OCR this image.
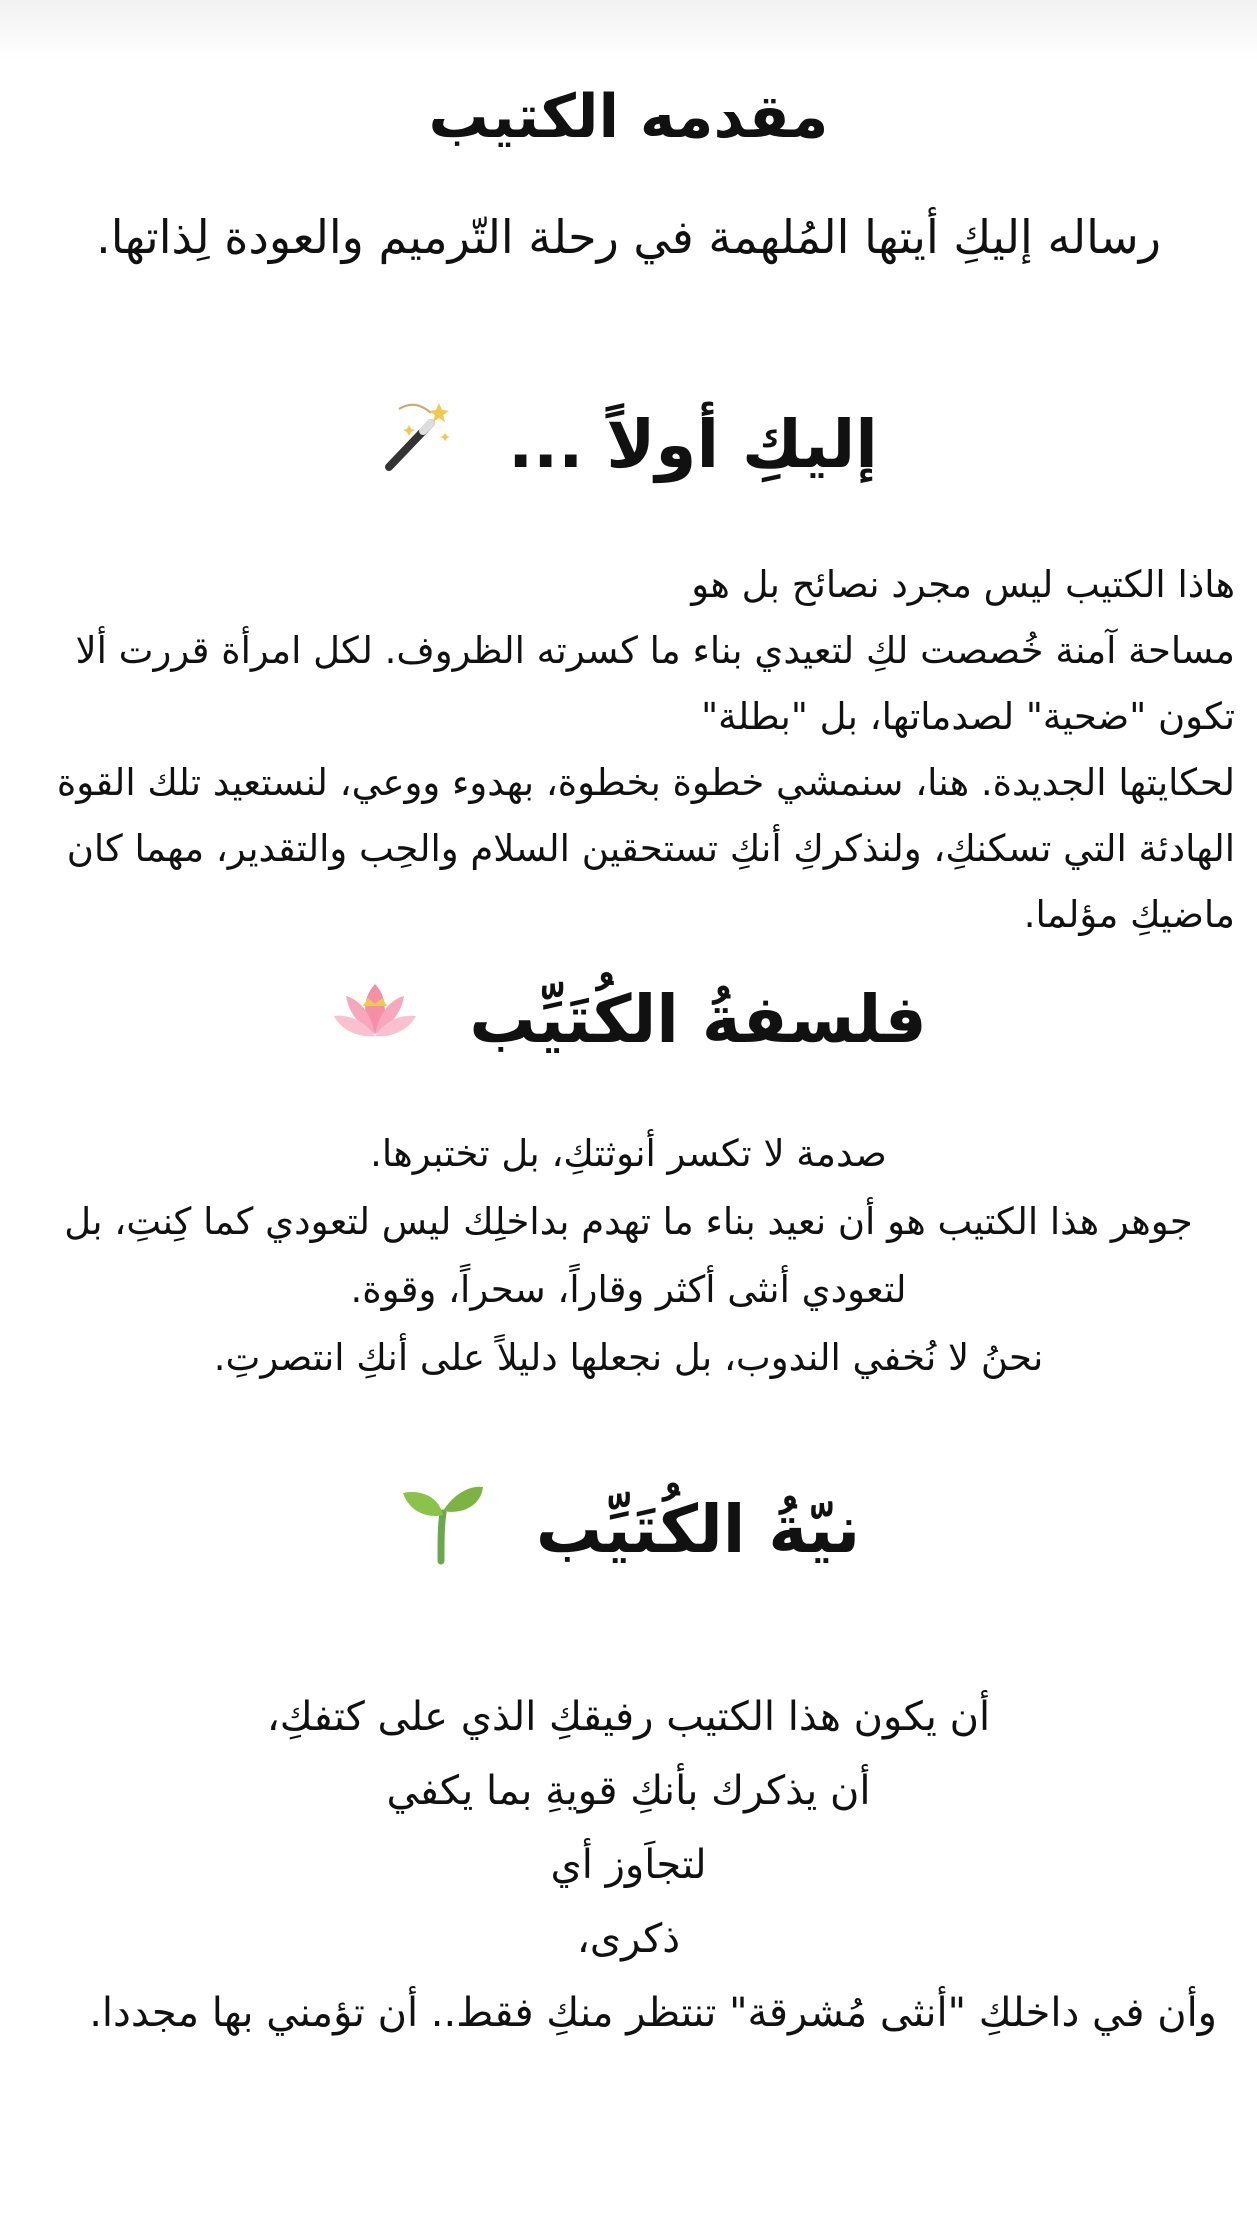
مقدمه الكتيب

رساله إليكِ أيتها المُلهمة في رحلة التّرميم والعودة لِذاتها.

إليكِ أولاً ...

هاذا الكتيب ليس مجرد نصائح بل هو
مساحة آمنة خُصصت لكِ لتعيدي بناء ما كسرته الظروف. لكل امرأة قررت ألا
تكون "ضحية" لصدماتها، بل "بطلة"
لحكايتها الجديدة. هنا، سنمشي خطوة بخطوة، بهدوء ووعي، لنستعيد تلك القوة
الهادئة التي تسكنكِ، ولنذكركِ أنكِ تستحقين السلام والحِب والتقدير، مهما كان
ماضيكِ مؤلما.

فلسفةُ الكُتَيِّب

صدمة لا تكسر أنوثتكِ، بل تختبرها.
جوهر هذا الكتيب هو أن نعيد بناء ما تهدم بداخلِك ليس لتعودي كما كِنتِ، بل
لتعودي أنثى أكثر وقاراً، سحراً، وقوة.
نحنُ لا نُخفي الندوب، بل نجعلها دليلاً على أنكِ انتصرتِ.

نيّةُ الكُتَيِّب

أن يكون هذا الكتيب رفيقكِ الذي على كتفكِ،
أن يذكرك بأنكِ قويةِ بما يكفي
لتجاَوز أي
ذكرى،
وأن في داخلكِ "أنثى مُشرقة" تنتظر منكِ فقط.. أن تؤمني بها مجددا.
